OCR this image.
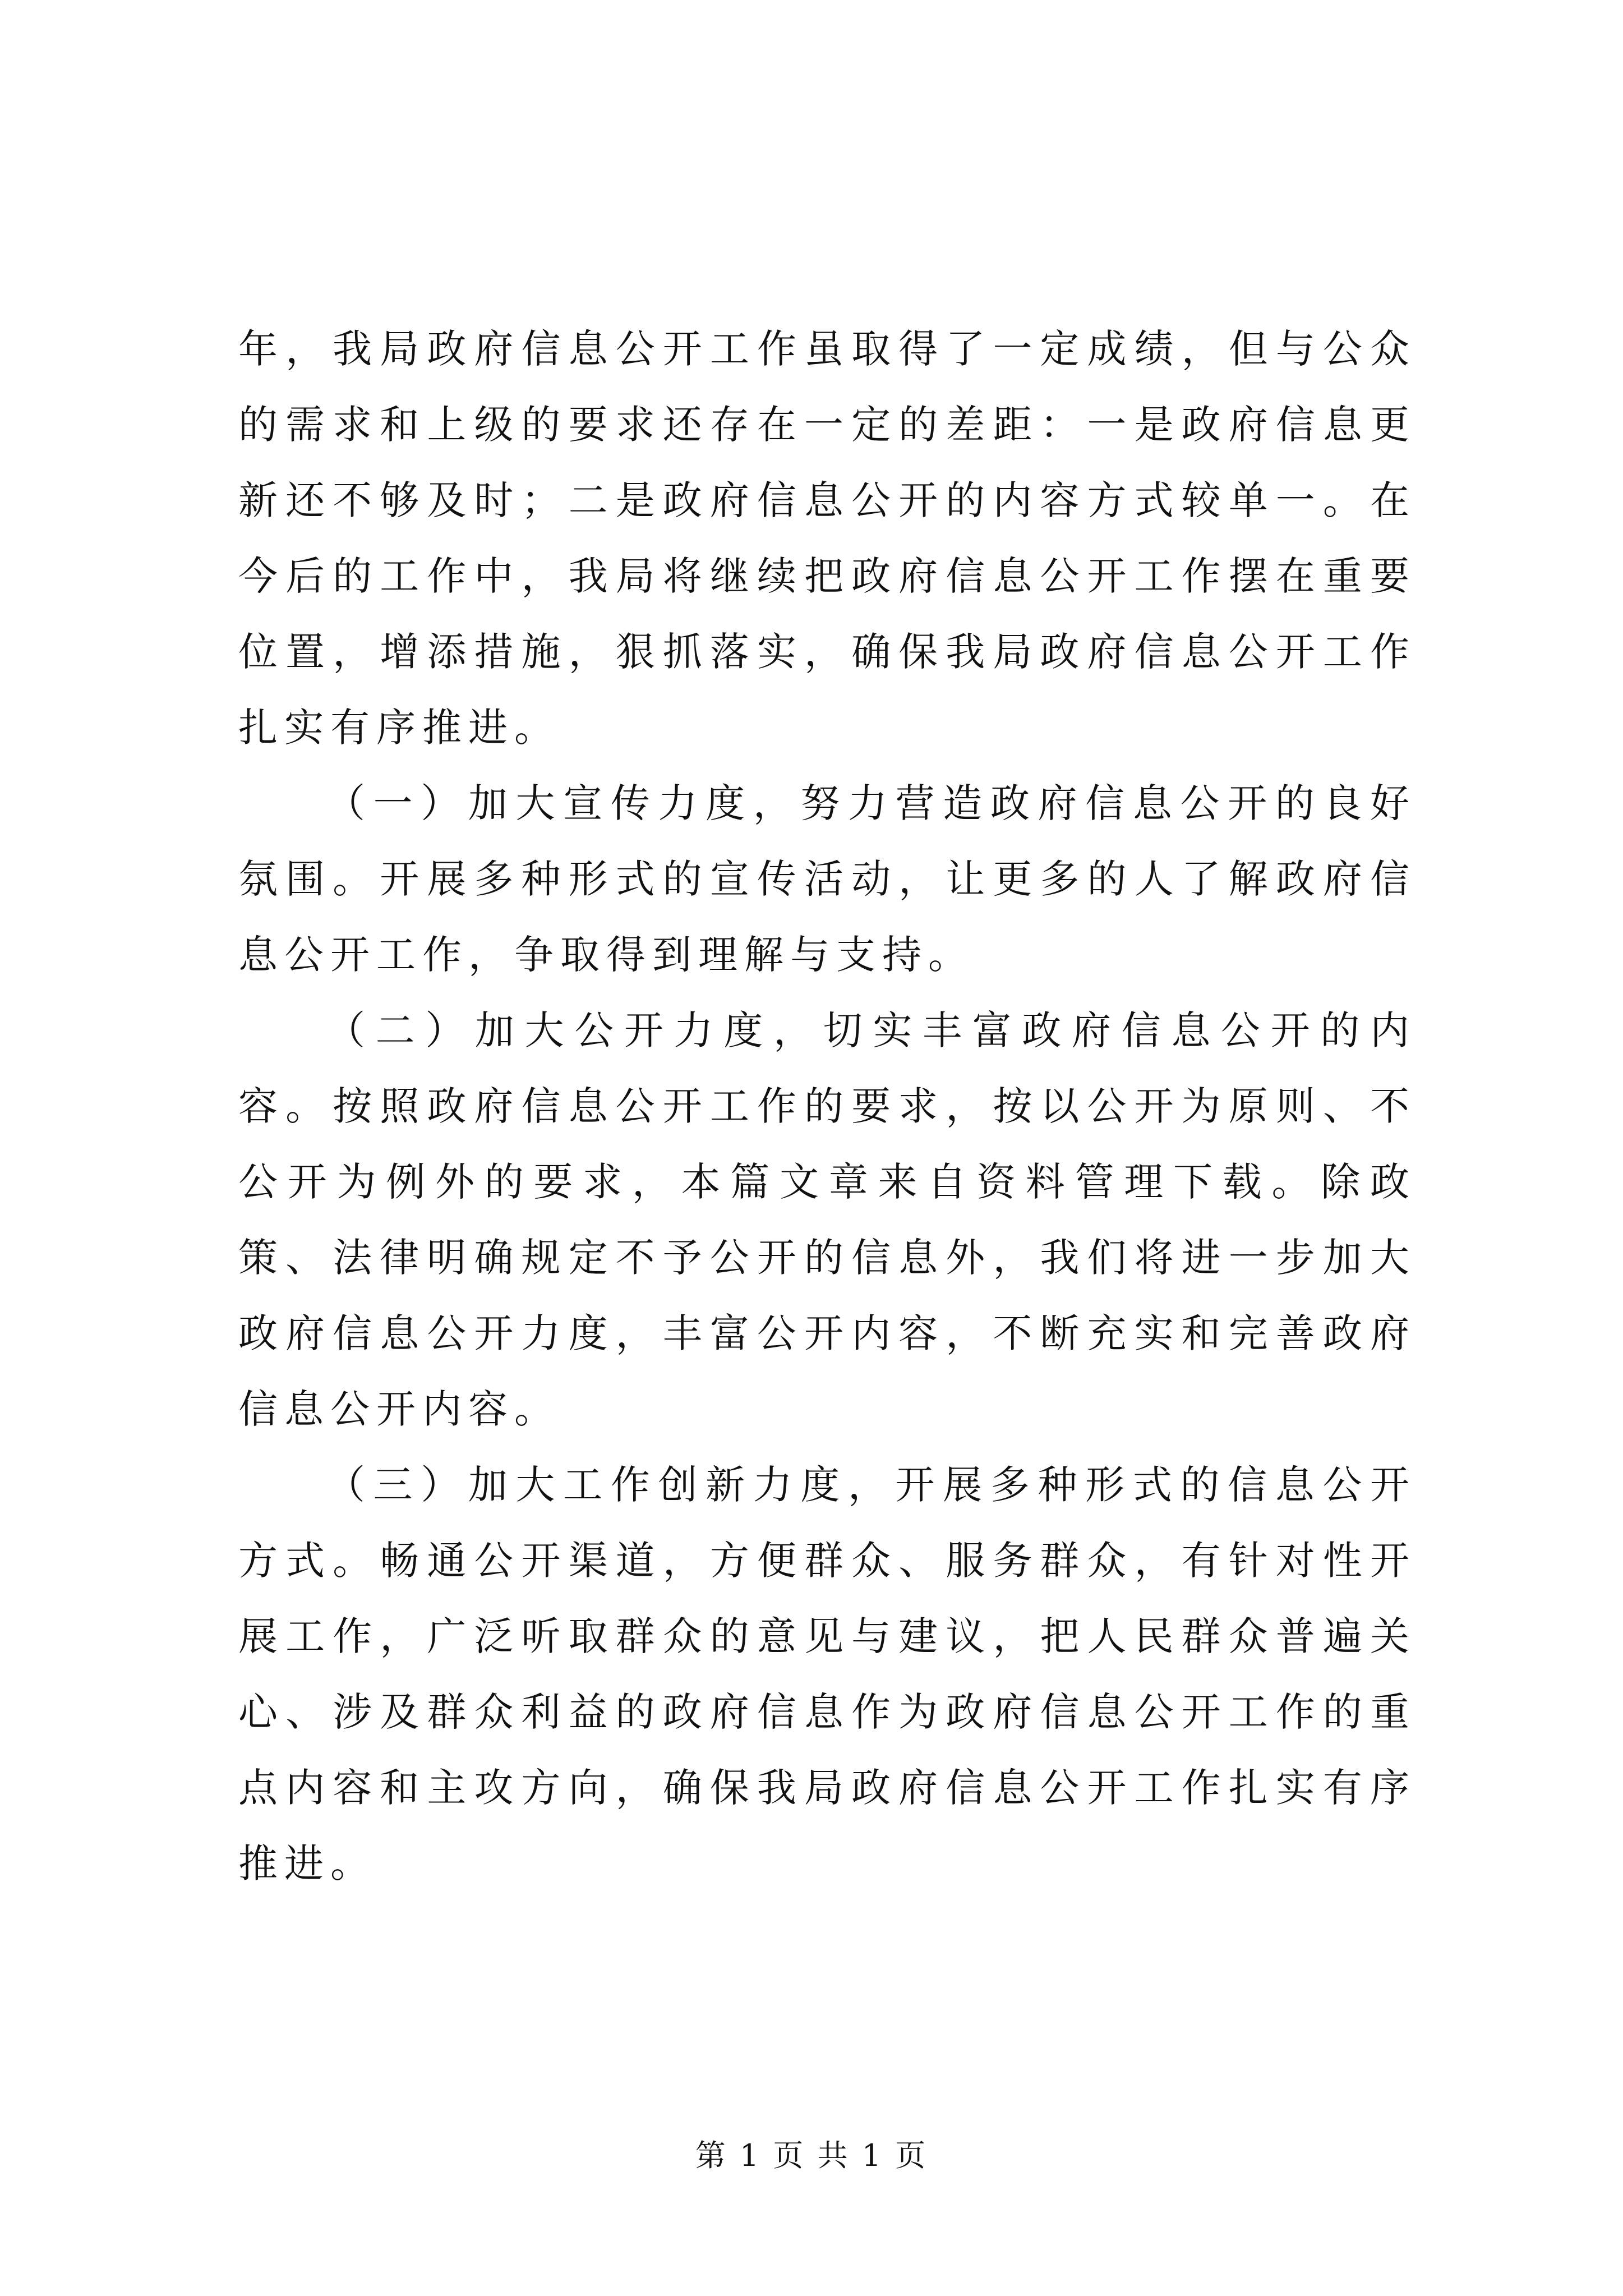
年，我局政府信息公开工作虽取得了一定成绩，但与公众的需求和上级的要求还存在一定的差距：一是政府信息更新还不够及时；二是政府信息公开的内容方式较单一。在今后的工作中，我局将继续把政府信息公开工作摆在重要位置，增添措施，狠抓落实，确保我局政府信息公开工作扎实有序推进。

（一）加大宣传力度，努力营造政府信息公开的良好氛围。开展多种形式的宣传活动，让更多的人了解政府信息公开工作，争取得到理解与支持。

（二）加大公开力度，切实丰富政府信息公开的内容。按照政府信息公开工作的要求，按以公开为原则、不公开为例外的要求，本篇文章来自资料管理下载。除政策、法律明确规定不予公开的信息外，我们将进一步加大政府信息公开力度，丰富公开内容，不断充实和完善政府信息公开内容。

（三）加大工作创新力度，开展多种形式的信息公开方式。畅通公开渠道，方便群众、服务群众，有针对性开展工作，广泛听取群众的意见与建议，把人民群众普遍关心、涉及群众利益的政府信息作为政府信息公开工作的重点内容和主攻方向，确保我局政府信息公开工作扎实有序推进。

第 1 页 共 1 页
